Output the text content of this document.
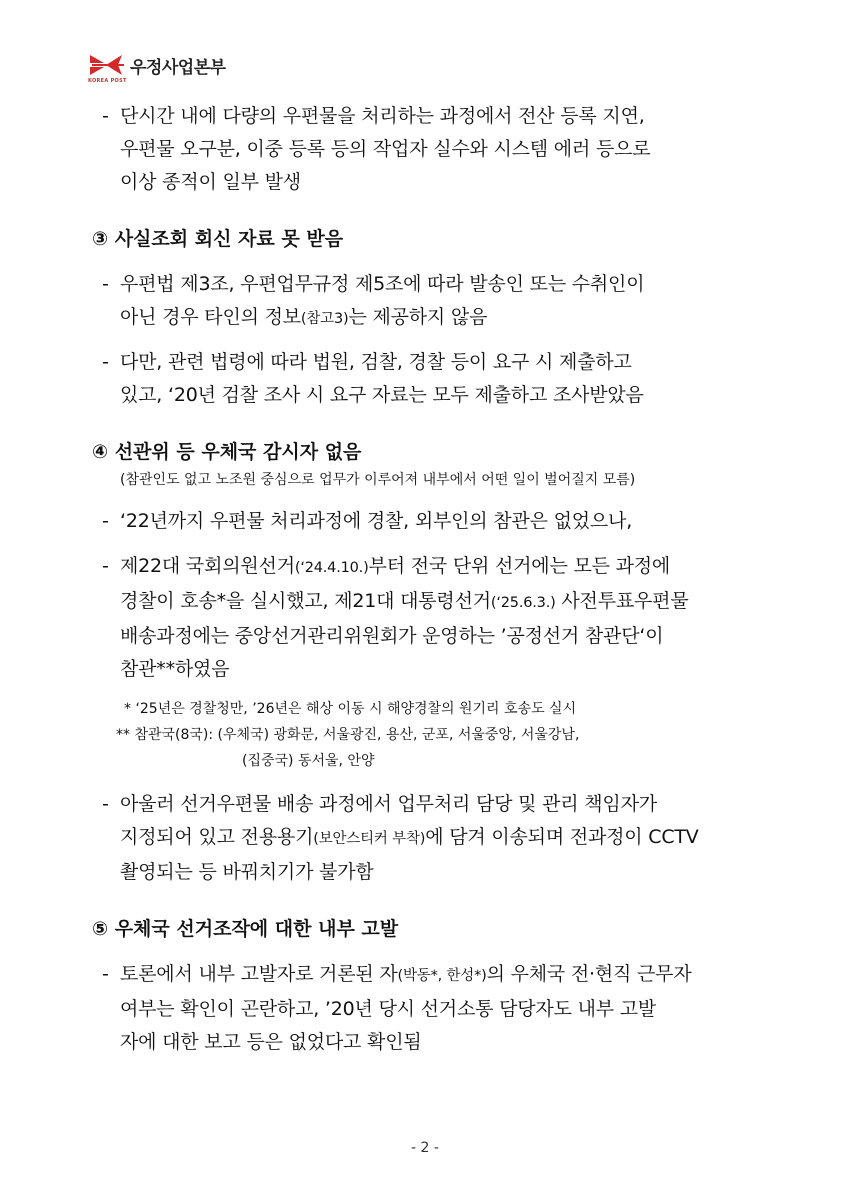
우정사업본부
KOREA POST
- 단시간 내에 다량의 우편물을 처리하는 과정에서 전산 등록 지연,
우편물 오구분, 이중 등록 등의 작업자 실수와 시스템 에러 등으로
이상 종적이 일부 발생
③ 사실조회 회신 자료 못 받음
- 우편법 제3조, 우편업무규정 제5조에 따라 발송인 또는 수취인이
아닌 경우 타인의 정보(참고3)는 제공하지 않음
- 다만, 관련 법령에 따라 법원, 검찰, 경찰 등이 요구 시 제출하고
있고, ‘20년 검찰 조사 시 요구 자료는 모두 제출하고 조사받았음
④ 선관위 등 우체국 감시자 없음
(참관인도 없고 노조원 중심으로 업무가 이루어져 내부에서 어떤 일이 벌어질지 모름)
- ‘22년까지 우편물 처리과정에 경찰, 외부인의 참관은 없었으나,
- 제22대 국회의원선거(‘24.4.10.)부터 전국 단위 선거에는 모든 과정에
경찰이 호송*을 실시했고, 제21대 대통령선거(‘25.6.3.) 사전투표우편물
배송과정에는 중앙선거관리위원회가 운영하는 ’공정선거 참관단‘이
참관**하였음
* ‘25년은 경찰청만, ’26년은 해상 이동 시 해양경찰의 원기리 호송도 실시
** 참관국(8국): (우체국) 광화문, 서울광진, 용산, 군포, 서울중앙, 서울강남,
(집중국) 동서울, 안양
- 아울러 선거우편물 배송 과정에서 업무처리 담당 및 관리 책임자가
지정되어 있고 전용용기(보안스티커 부착)에 담겨 이송되며 전과정이 CCTV
촬영되는 등 바꿔치기가 불가함
⑤ 우체국 선거조작에 대한 내부 고발
- 토론에서 내부 고발자로 거론된 자(박동*, 한성*)의 우체국 전·현직 근무자
여부는 확인이 곤란하고, ’20년 당시 선거소통 담당자도 내부 고발
자에 대한 보고 등은 없었다고 확인됨
- 2 -
